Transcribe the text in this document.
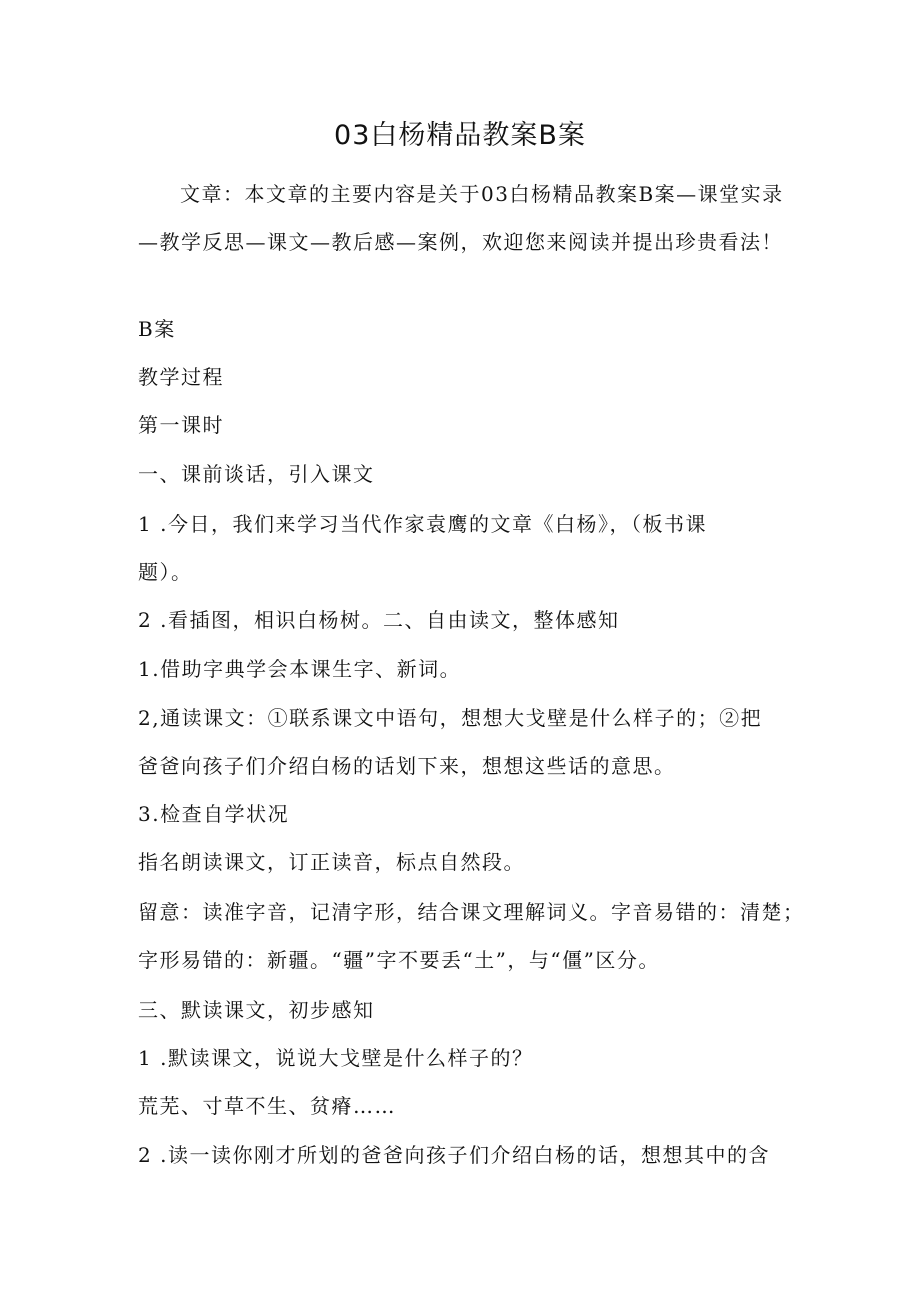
03白杨精品教案B案

文章：本文章的主要内容是关于03白杨精品教案B案—课堂实录—教学反思—课文—教后感—案例，欢迎您来阅读并提出珍贵看法！

B案

教学过程

第一课时

一、课前谈话，引入课文

1 .今日，我们来学习当代作家袁鹰的文章《白杨》，（板书课

题）。

2 .看插图，相识白杨树。二、自由读文，整体感知

1.借助字典学会本课生字、新词。

2,通读课文：①联系课文中语句，想想大戈壁是什么样子的；②把

爸爸向孩子们介绍白杨的话划下来，想想这些话的意思。

3.检查自学状况

指名朗读课文，订正读音，标点自然段。

留意：读准字音，记清字形，结合课文理解词义。字音易错的：清楚；

字形易错的：新疆。“疆”字不要丢“土”，与“僵”区分。

三、默读课文，初步感知

1 .默读课文，说说大戈壁是什么样子的？

荒芜、寸草不生、贫瘠……

2 .读一读你刚才所划的爸爸向孩子们介绍白杨的话，想想其中的含
